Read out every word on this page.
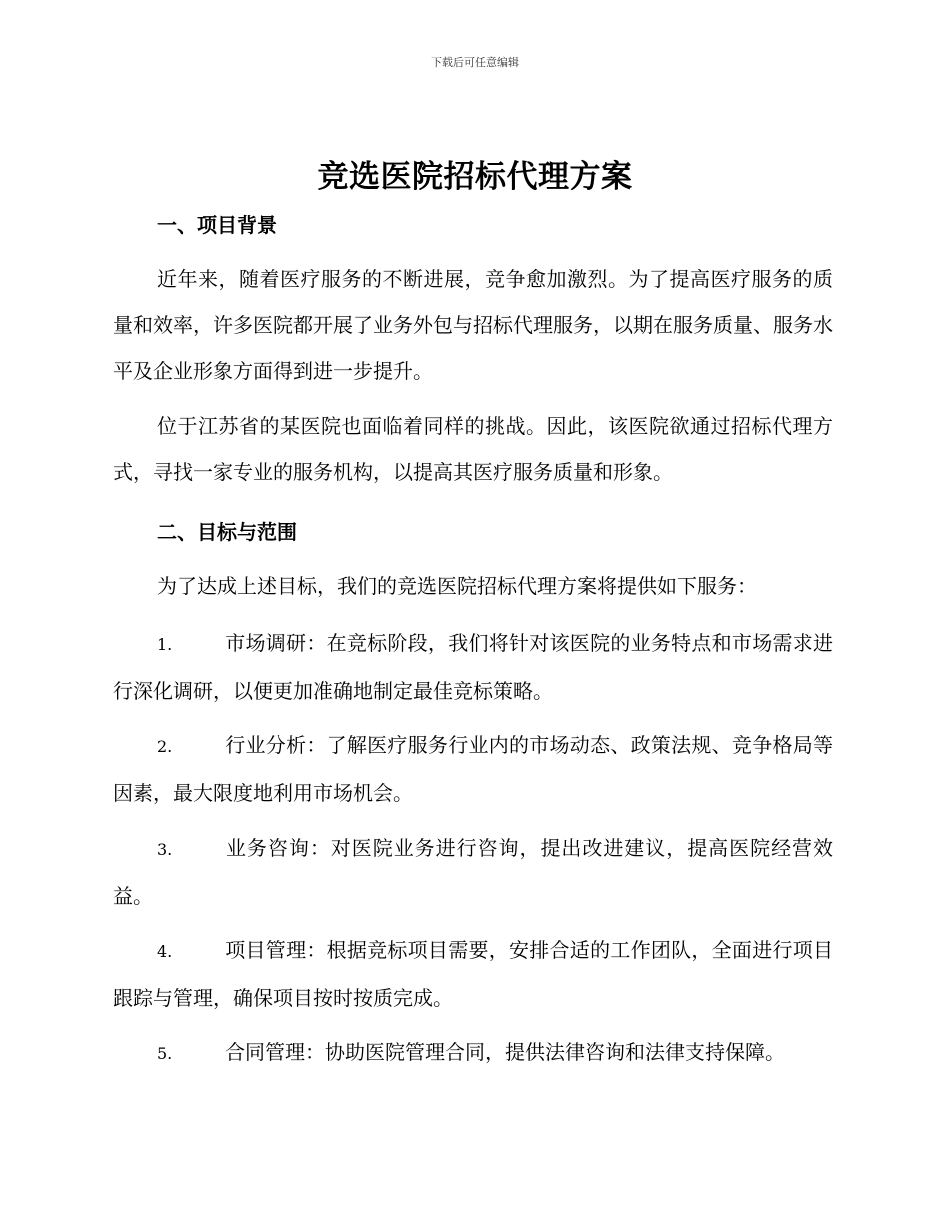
下载后可任意编辑
竞选医院招标代理方案
一、项目背景
近年来，随着医疗服务的不断进展，竞争愈加激烈。为了提高医疗服务的质量和效率，许多医院都开展了业务外包与招标代理服务，以期在服务质量、服务水平及企业形象方面得到进一步提升。
位于江苏省的某医院也面临着同样的挑战。因此，该医院欲通过招标代理方式，寻找一家专业的服务机构，以提高其医疗服务质量和形象。
二、目标与范围
为了达成上述目标，我们的竞选医院招标代理方案将提供如下服务：
1.	市场调研：在竞标阶段，我们将针对该医院的业务特点和市场需求进行深化调研，以便更加准确地制定最佳竞标策略。
2.	行业分析：了解医疗服务行业内的市场动态、政策法规、竞争格局等因素，最大限度地利用市场机会。
3.	业务咨询：对医院业务进行咨询，提出改进建议，提高医院经营效益。
4.	项目管理：根据竞标项目需要，安排合适的工作团队，全面进行项目跟踪与管理，确保项目按时按质完成。
5.	合同管理：协助医院管理合同，提供法律咨询和法律支持保障。
